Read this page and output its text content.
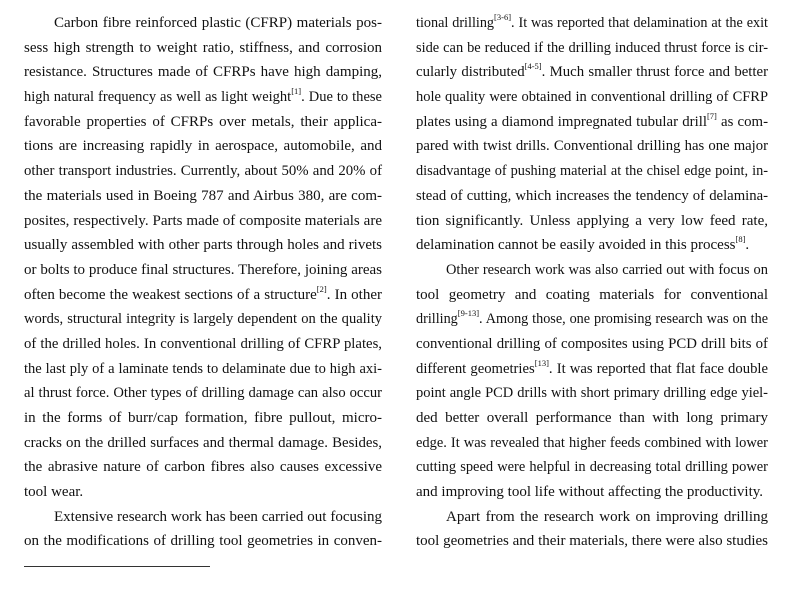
Carbon fibre reinforced plastic (CFRP) materials pos-
sess high strength to weight ratio, stiffness, and corrosion
resistance. Structures made of CFRPs have high damping,
high natural frequency as well as light weight[1]. Due to these
favorable properties of CFRPs over metals, their applica-
tions are increasing rapidly in aerospace, automobile, and
other transport industries. Currently, about 50% and 20% of
the materials used in Boeing 787 and Airbus 380, are com-
posites, respectively. Parts made of composite materials are
usually assembled with other parts through holes and rivets
or bolts to produce final structures. Therefore, joining areas
often become the weakest sections of a structure[2]. In other
words, structural integrity is largely dependent on the quality
of the drilled holes. In conventional drilling of CFRP plates,
the last ply of a laminate tends to delaminate due to high axi-
al thrust force. Other types of drilling damage can also occur
in the forms of burr/cap formation, fibre pullout, micro-
cracks on the drilled surfaces and thermal damage. Besides,
the abrasive nature of carbon fibres also causes excessive
tool wear.
Extensive research work has been carried out focusing
on the modifications of drilling tool geometries in conven-
tional drilling[3-6]. It was reported that delamination at the exit
side can be reduced if the drilling induced thrust force is cir-
cularly distributed[4-5]. Much smaller thrust force and better
hole quality were obtained in conventional drilling of CFRP
plates using a diamond impregnated tubular drill[7] as com-
pared with twist drills. Conventional drilling has one major
disadvantage of pushing material at the chisel edge point, in-
stead of cutting, which increases the tendency of delamina-
tion significantly. Unless applying a very low feed rate,
delamination cannot be easily avoided in this process[8].
Other research work was also carried out with focus on
tool geometry and coating materials for conventional
drilling[9-13]. Among those, one promising research was on the
conventional drilling of composites using PCD drill bits of
different geometries[13]. It was reported that flat face double
point angle PCD drills with short primary drilling edge yiel-
ded better overall performance than with long primary
edge. It was revealed that higher feeds combined with lower
cutting speed were helpful in decreasing total drilling power
and improving tool life without affecting the productivity.
Apart from the research work on improving drilling
tool geometries and their materials, there were also studies
